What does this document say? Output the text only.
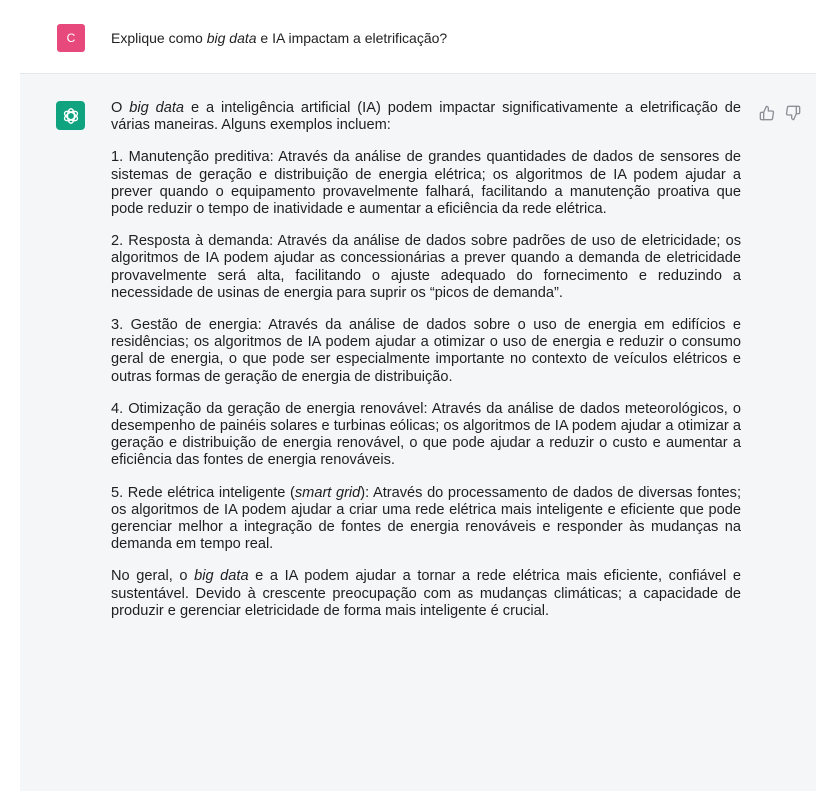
C	Explique como big data e IA impactam a eletrificação?

O big data e a inteligência artificial (IA) podem impactar significativamente a eletrificação de várias maneiras. Alguns exemplos incluem:

1. Manutenção preditiva: Através da análise de grandes quantidades de dados de sensores de sistemas de geração e distribuição de energia elétrica; os algoritmos de IA podem ajudar a prever quando o equipamento provavelmente falhará, facilitando a manutenção proativa que pode reduzir o tempo de inatividade e aumentar a eficiência da rede elétrica.

2. Resposta à demanda: Através da análise de dados sobre padrões de uso de eletricidade; os algoritmos de IA podem ajudar as concessionárias a prever quando a demanda de eletricidade provavelmente será alta, facilitando o ajuste adequado do fornecimento e reduzindo a necessidade de usinas de energia para suprir os “picos de demanda”.

3. Gestão de energia: Através da análise de dados sobre o uso de energia em edifícios e residências; os algoritmos de IA podem ajudar a otimizar o uso de energia e reduzir o consumo geral de energia, o que pode ser especialmente importante no contexto de veículos elétricos e outras formas de geração de energia de distribuição.

4. Otimização da geração de energia renovável: Através da análise de dados meteorológicos, o desempenho de painéis solares e turbinas eólicas; os algoritmos de IA podem ajudar a otimizar a geração e distribuição de energia renovável, o que pode ajudar a reduzir o custo e aumentar a eficiência das fontes de energia renováveis.

5. Rede elétrica inteligente (smart grid): Através do processamento de dados de diversas fontes; os algoritmos de IA podem ajudar a criar uma rede elétrica mais inteligente e eficiente que pode gerenciar melhor a integração de fontes de energia renováveis e responder às mudanças na demanda em tempo real.

No geral, o big data e a IA podem ajudar a tornar a rede elétrica mais eficiente, confiável e sustentável. Devido à crescente preocupação com as mudanças climáticas; a capacidade de produzir e gerenciar eletricidade de forma mais inteligente é crucial.
